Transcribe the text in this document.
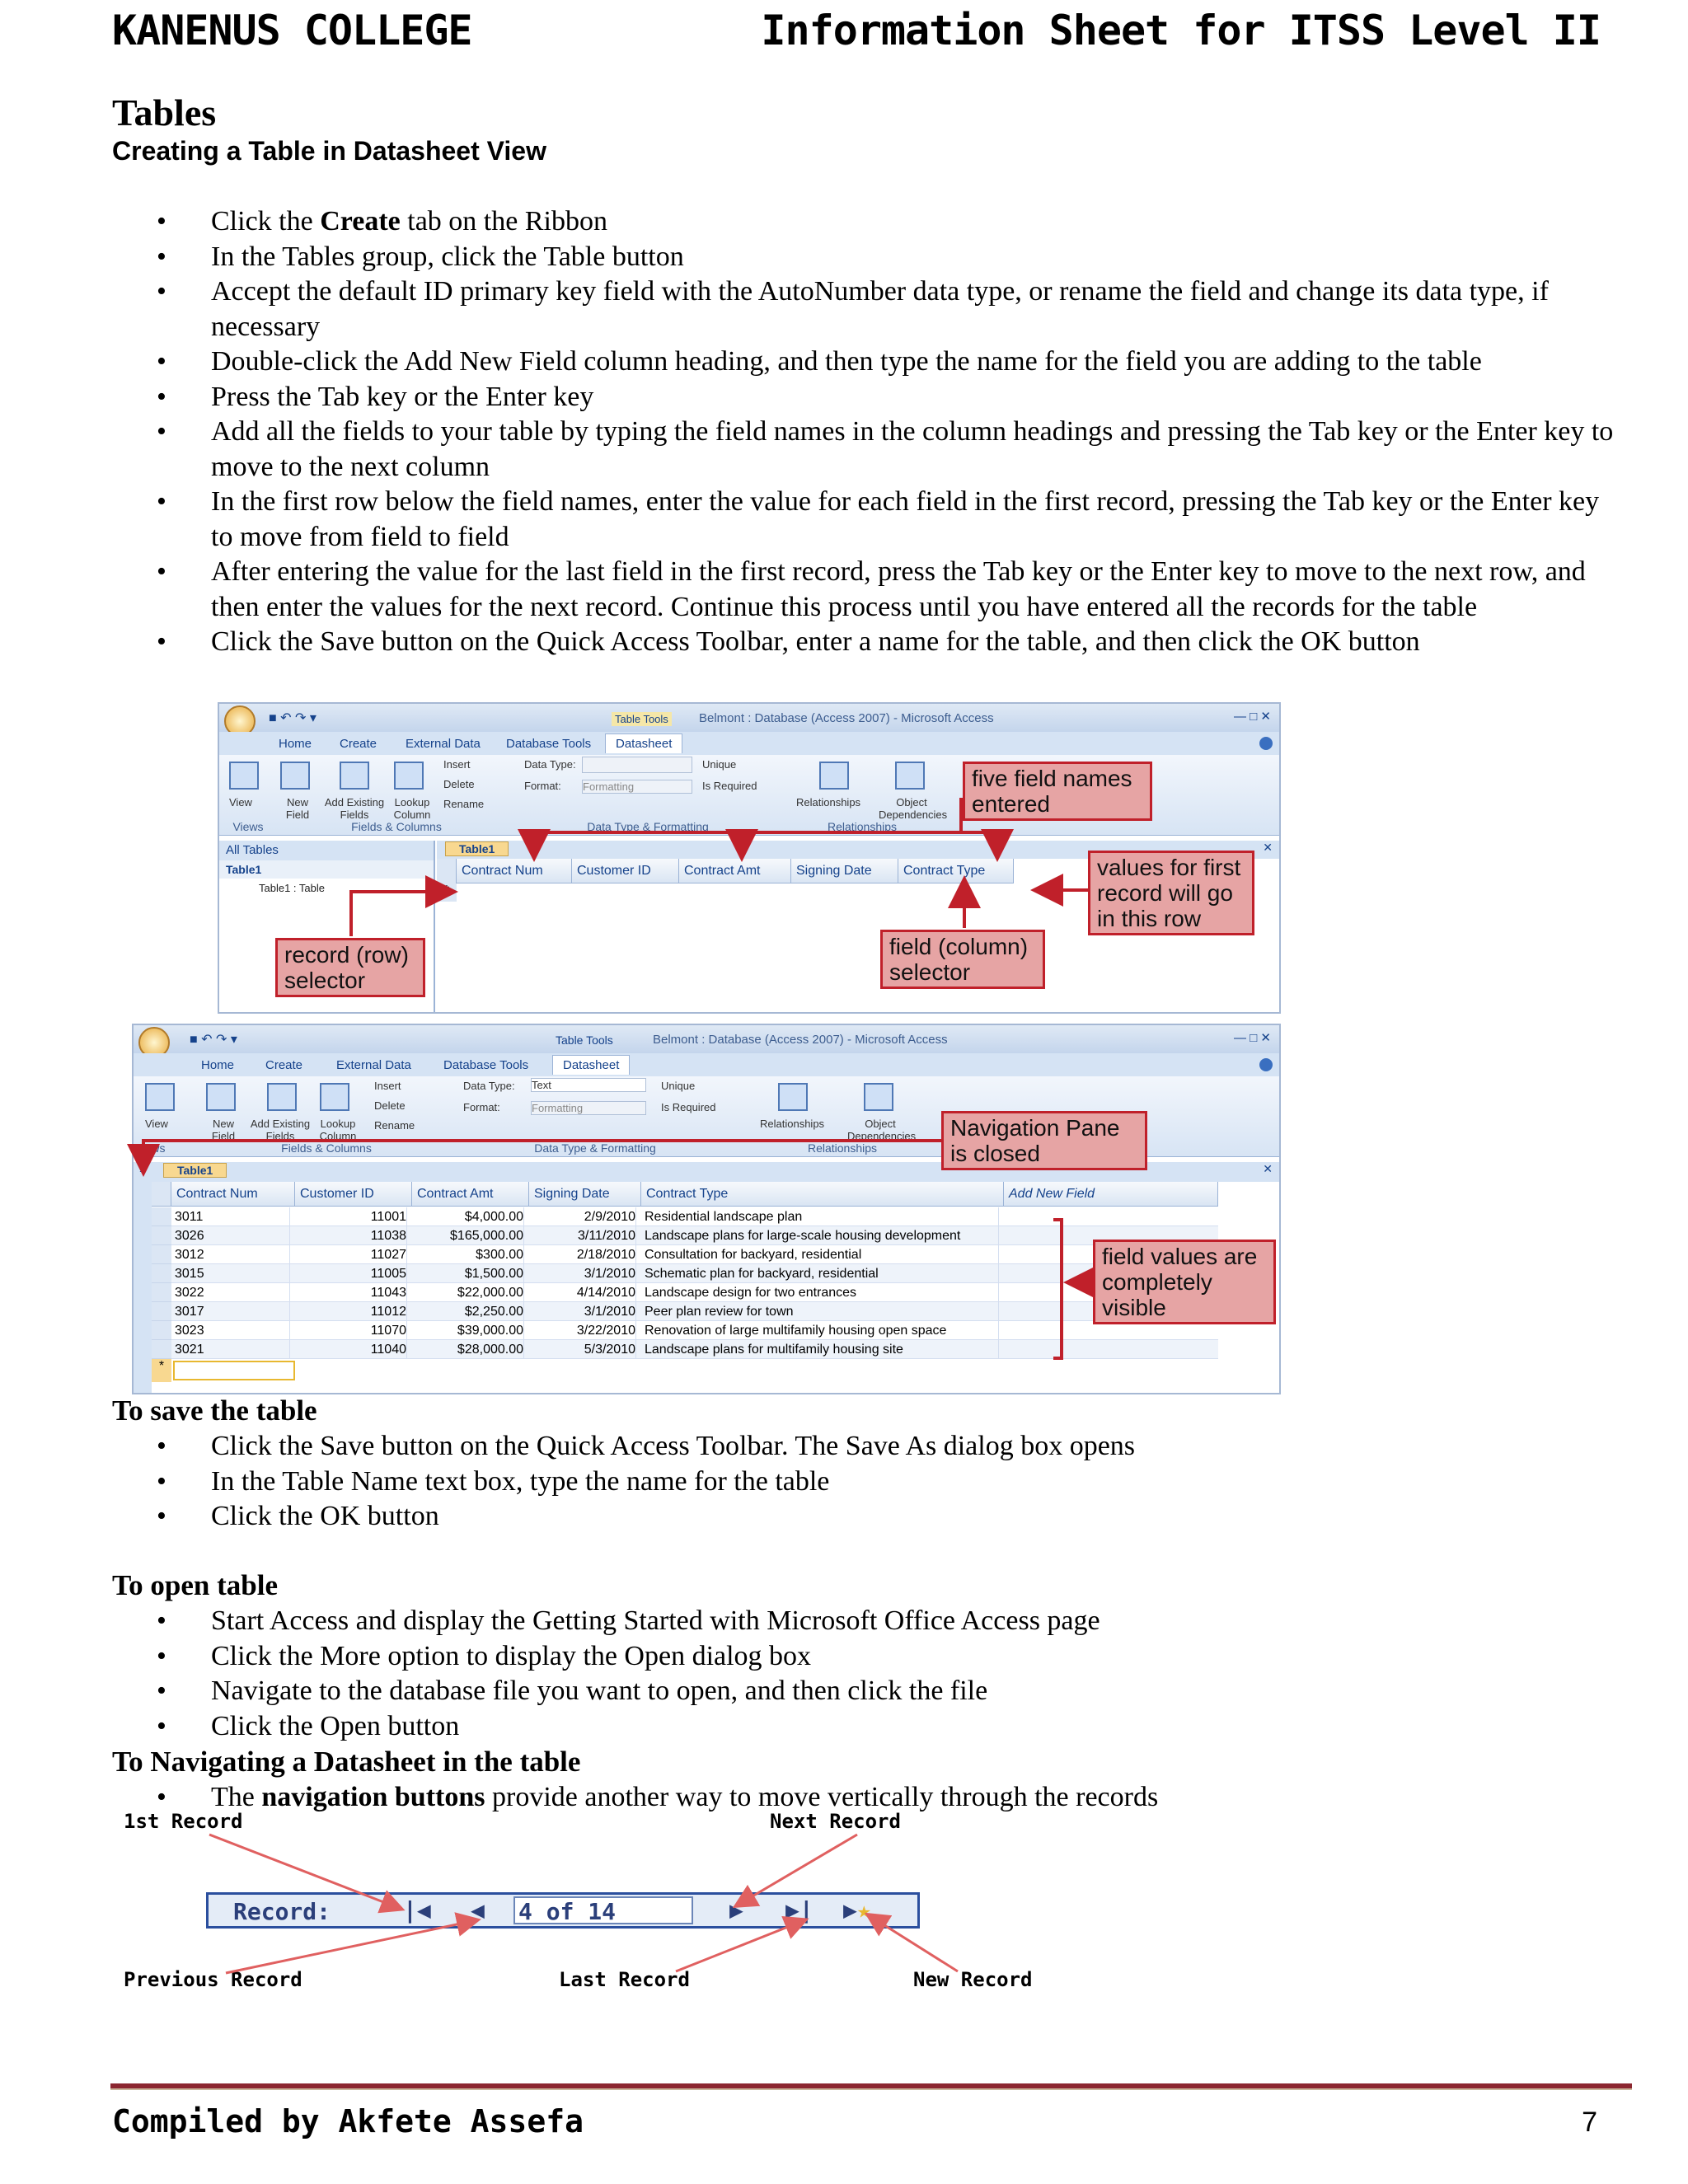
KANENUS COLLEGE	Information Sheet for ITSS Level II
Tables
Creating a Table in Datasheet View
• Click the Create tab on the Ribbon
• In the Tables group, click the Table button
• Accept the default ID primary key field with the AutoNumber data type, or rename the field and change its data type, if necessary
• Double-click the Add New Field column heading, and then type the name for the field you are adding to the table
• Press the Tab key or the Enter key
• Add all the fields to your table by typing the field names in the column headings and pressing the Tab key or the Enter key to move to the next column
• In the first row below the field names, enter the value for each field in the first record, pressing the Tab key or the Enter key to move from field to field
• After entering the value for the last field in the first record, press the Tab key or the Enter key to move to the next row, and then enter the values for the next record. Continue this process until you have entered all the records for the table
• Click the Save button on the Quick Access Toolbar, enter a name for the table, and then click the OK button
■ ↶ ↷ ▾	Table Tools Belmont : Database (Access 2007) - Microsoft Access	— □ ✕
Home Create External Data Database Tools	Datasheet
View	New Field
Add Existing Fields
Lookup Column
Insert
Delete
Rename
Data Type:
Format: Formatting
Unique
Is Required
Relationships	Object Dependencies
Views	Fields & Columns	Data Type & Formatting	Relationships
All Tables
Table1
Table1 : Table
Table1	✕
Contract Num	Customer ID	Contract Amt	Signing Date	Contract Type
*
■ ↶ ↷ ▾	Table Tools	Belmont : Database (Access 2007) - Microsoft Access	— □ ✕
Home	Create	External Data	Database Tools	Datasheet
View	New Field
Add Existing Fields
Lookup Column
Insert
Delete
Rename
Data Type: Text
Format:	Formatting
Unique
Is Required
Relationships	Object Dependencies
Views	Fields & Columns	Data Type & Formatting	Relationships
»	Table1	✕
Contract Num	Customer ID	Contract Amt	Signing Date	Contract Type	Add New Field
3011	11001	$4,000.00	2/9/2010 Residential landscape plan
3026	11038	$165,000.00	3/11/2010 Landscape plans for large-scale housing development
3012	11027	$300.00	2/18/2010 Consultation for backyard, residential
3015	11005	$1,500.00	3/1/2010 Schematic plan for backyard, residential
3022	11043	$22,000.00	4/14/2010 Landscape design for two entrances
3017	11012	$2,250.00	3/1/2010 Peer plan review for town
3023	11070	$39,000.00	3/22/2010 Renovation of large multifamily housing open space
3021	11040	$28,000.00	5/3/2010 Landscape plans for multifamily housing site
*
five field names entered
values for first record will go in this row
field (column) selector
record (row) selector
Navigation Pane is closed
field values are completely visible
To save the table
• Click the Save button on the Quick Access Toolbar. The Save As dialog box opens
• In the Table Name text box, type the name for the table
• Click the OK button
To open table
• Start Access and display the Getting Started with Microsoft Office Access page
• Click the More option to display the Open dialog box
• Navigate to the database file you want to open, and then click the file
• Click the Open button
To Navigating a Datasheet in the table
• The navigation buttons provide another way to move vertically through the records
1st Record	Next Record
Record:	|◀ ◀ 4 of 14	▶ ▶| ▶★
Previous Record	Last Record	New Record
Compiled by Akfete Assefa	7
